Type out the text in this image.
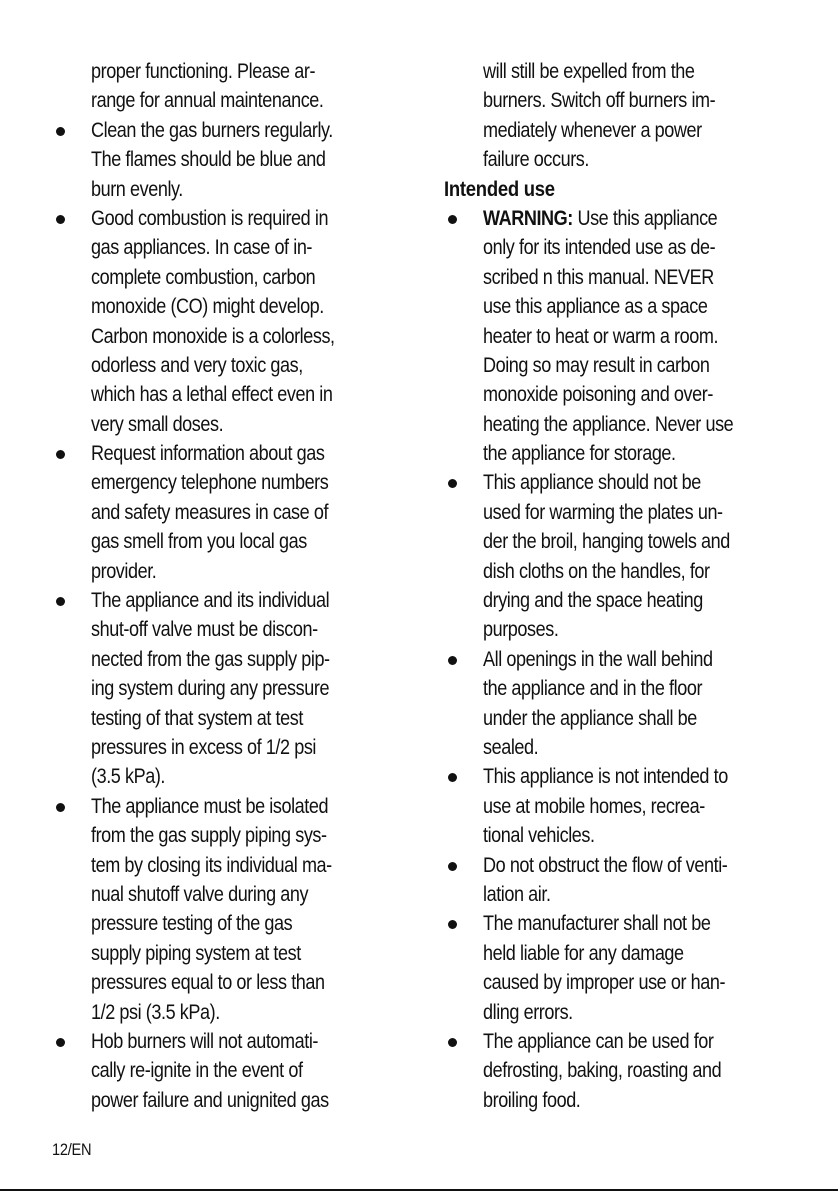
proper functioning. Please ar-
range for annual maintenance.
Clean the gas burners regularly.
The flames should be blue and
burn evenly.
Good combustion is required in
gas appliances. In case of in-
complete combustion, carbon
monoxide (CO) might develop.
Carbon monoxide is a colorless,
odorless and very toxic gas,
which has a lethal effect even in
very small doses.
Request information about gas
emergency telephone numbers
and safety measures in case of
gas smell from you local gas
provider.
The appliance and its individual
shut-off valve must be discon-
nected from the gas supply pip-
ing system during any pressure
testing of that system at test
pressures in excess of 1/2 psi
(3.5 kPa).
The appliance must be isolated
from the gas supply piping sys-
tem by closing its individual ma-
nual shutoff valve during any
pressure testing of the gas
supply piping system at test
pressures equal to or less than
1/2 psi (3.5 kPa).
Hob burners will not automati-
cally re-ignite in the event of
power failure and unignited gas
will still be expelled from the
burners. Switch off burners im-
mediately whenever a power
failure occurs.
Intended use
WARNING: Use this appliance
only for its intended use as de-
scribed n this manual. NEVER
use this appliance as a space
heater to heat or warm a room.
Doing so may result in carbon
monoxide poisoning and over-
heating the appliance. Never use
the appliance for storage.
This appliance should not be
used for warming the plates un-
der the broil, hanging towels and
dish cloths on the handles, for
drying and the space heating
purposes.
All openings in the wall behind
the appliance and in the floor
under the appliance shall be
sealed.
This appliance is not intended to
use at mobile homes, recrea-
tional vehicles.
Do not obstruct the flow of venti-
lation air.
The manufacturer shall not be
held liable for any damage
caused by improper use or han-
dling errors.
The appliance can be used for
defrosting, baking, roasting and
broiling food.
12/EN
